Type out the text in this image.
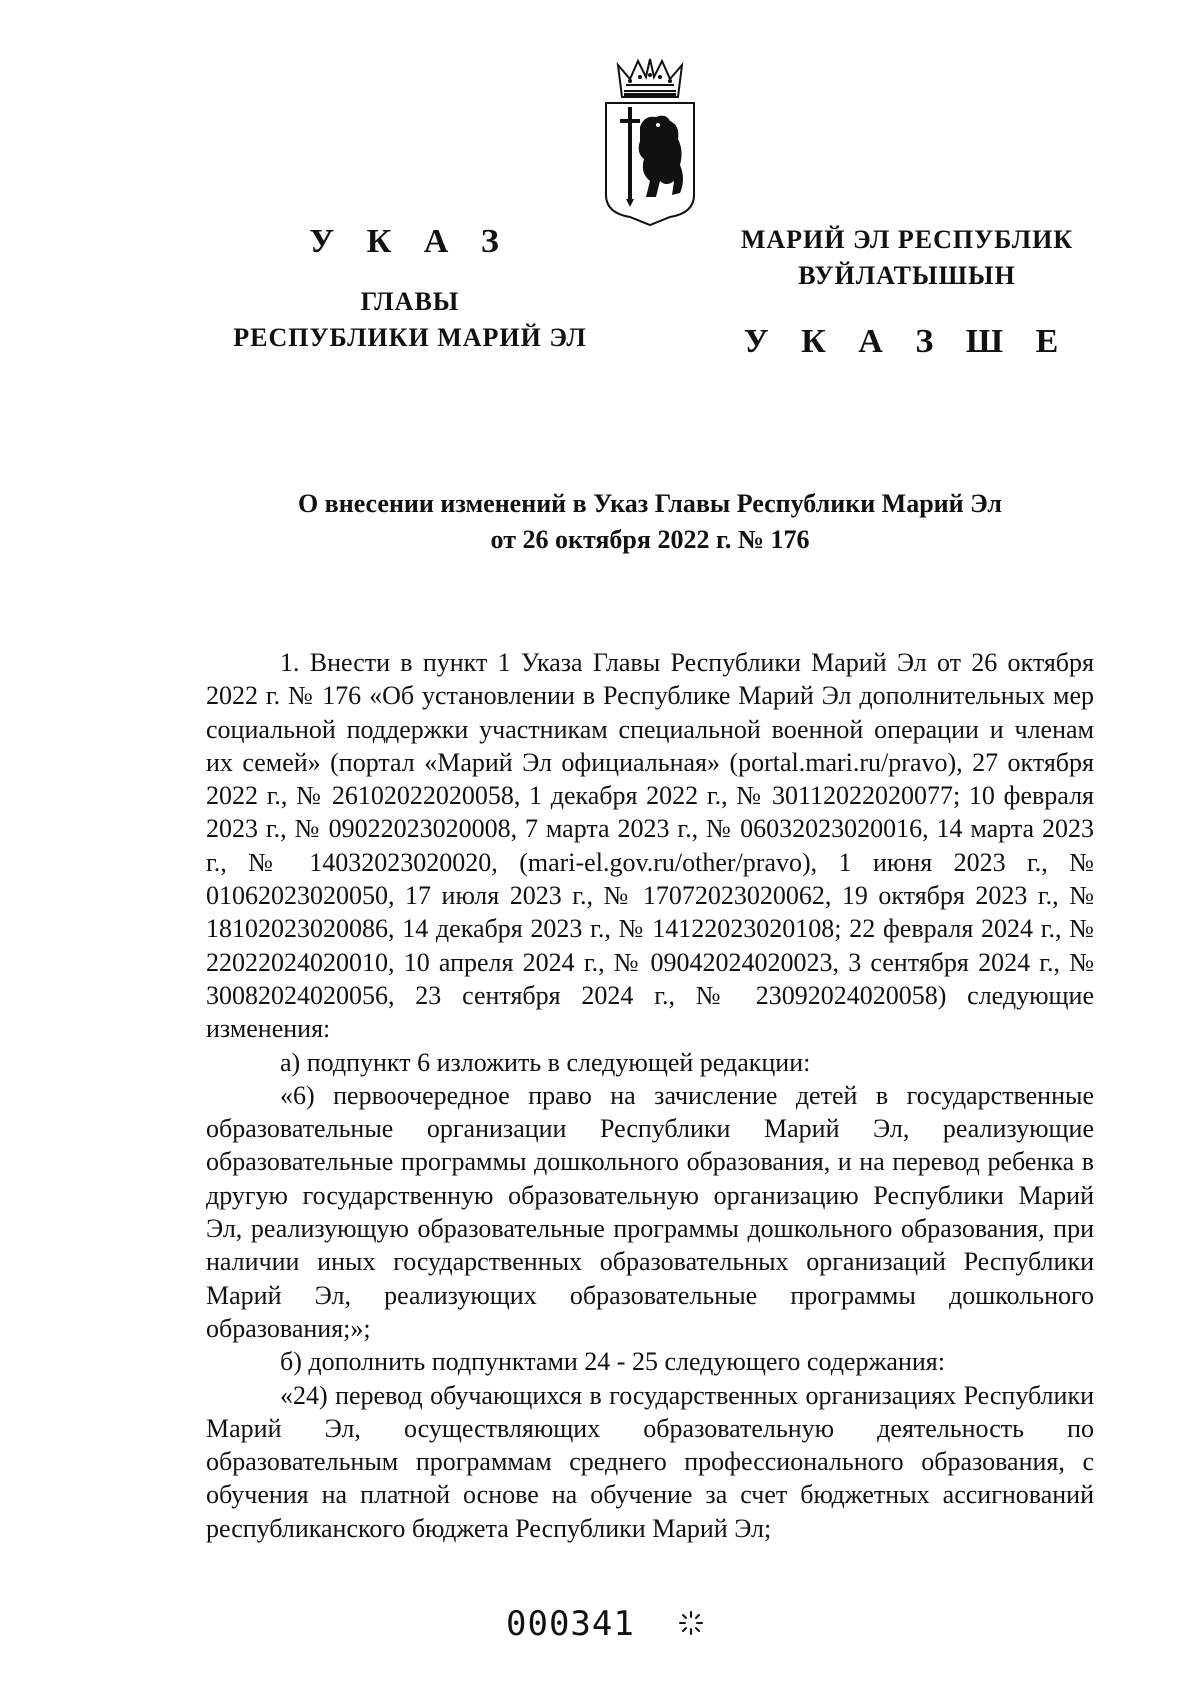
У К А З
ГЛАВЫ
РЕСПУБЛИКИ МАРИЙ ЭЛ
МАРИЙ ЭЛ РЕСПУБЛИК
ВУЙЛАТЫШЫН
У К А З Ш Е
О внесении изменений в Указ Главы Республики Марий Эл
от 26 октября 2022 г. № 176

1. Внести в пункт 1 Указа Главы Республики Марий Эл от 26 октября 2022 г. № 176 «Об установлении в Республике Марий Эл дополнительных мер социальной поддержки участникам специальной военной операции и членам их семей» (портал «Марий Эл официальная» (portal.mari.ru/pravo), 27 октября 2022 г., № 26102022020058, 1 декабря 2022 г., № 30112022020077; 10 февраля 2023 г., № 09022023020008, 7 марта 2023 г., № 06032023020016, 14 марта 2023 г., № 14032023020020, (mari-el.gov.ru/other/pravo), 1 июня 2023 г., № 01062023020050, 17 июля 2023 г., № 17072023020062, 19 октября 2023 г., № 18102023020086, 14 декабря 2023 г., № 14122023020108; 22 февраля 2024 г., № 22022024020010, 10 апреля 2024 г., № 09042024020023, 3 сентября 2024 г., № 30082024020056, 23 сентября 2024 г., № 23092024020058) следующие изменения:

а) подпункт 6 изложить в следующей редакции:

«6) первоочередное право на зачисление детей в государственные образовательные организации Республики Марий Эл, реализующие образовательные программы дошкольного образования, и на перевод ребенка в другую государственную образовательную организацию Республики Марий Эл, реализующую образовательные программы дошкольного образования, при наличии иных государственных образовательных организаций Республики Марий Эл, реализующих образовательные программы дошкольного образования;»;

б) дополнить подпунктами 24 - 25 следующего содержания:

«24) перевод обучающихся в государственных организациях Республики Марий Эл, осуществляющих образовательную деятельность по образовательным программам среднего профессионального образования, с обучения на платной основе на обучение за счет бюджетных ассигнований республиканского бюджета Республики Марий Эл;

000341
